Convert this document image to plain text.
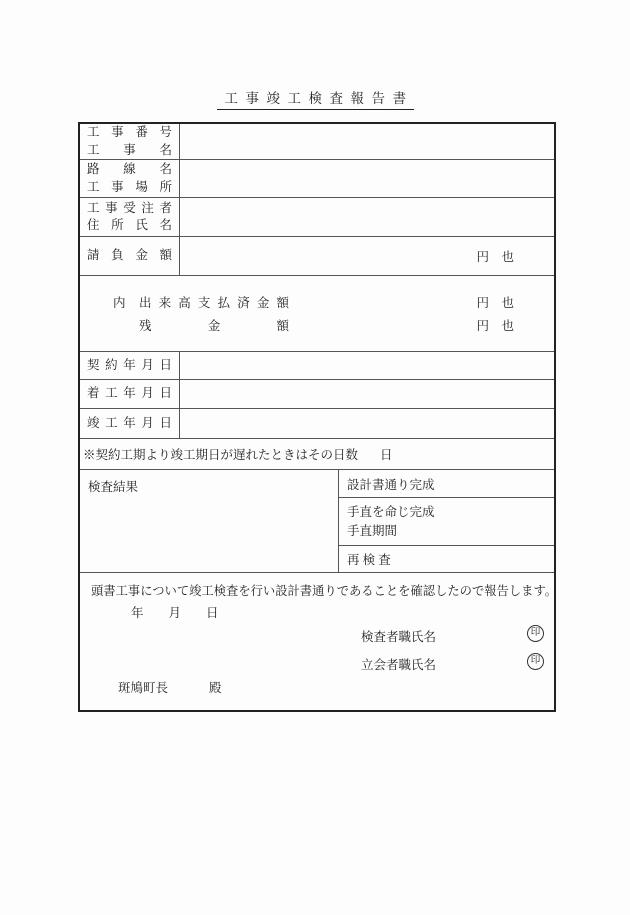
工事竣工検査報告書
工事番号
工事名
路線名
工事場所
工事受注者
住所氏名
請負金額	円　也
内 出来高支払済金額	円　也
残金額	円　也
契約年月日
着工年月日
竣工年月日
※契約工期より竣工期日が遅れたときはその日数 日
検査結果	設計書通り完成
手直を命じ完成
手直期間
再 検 査
頭書工事について竣工検査を行い設計書通りであることを確認したので報告します。
年　　月　　日
検査者職氏名	印
立会者職氏名	印
斑鳩町長	殿
